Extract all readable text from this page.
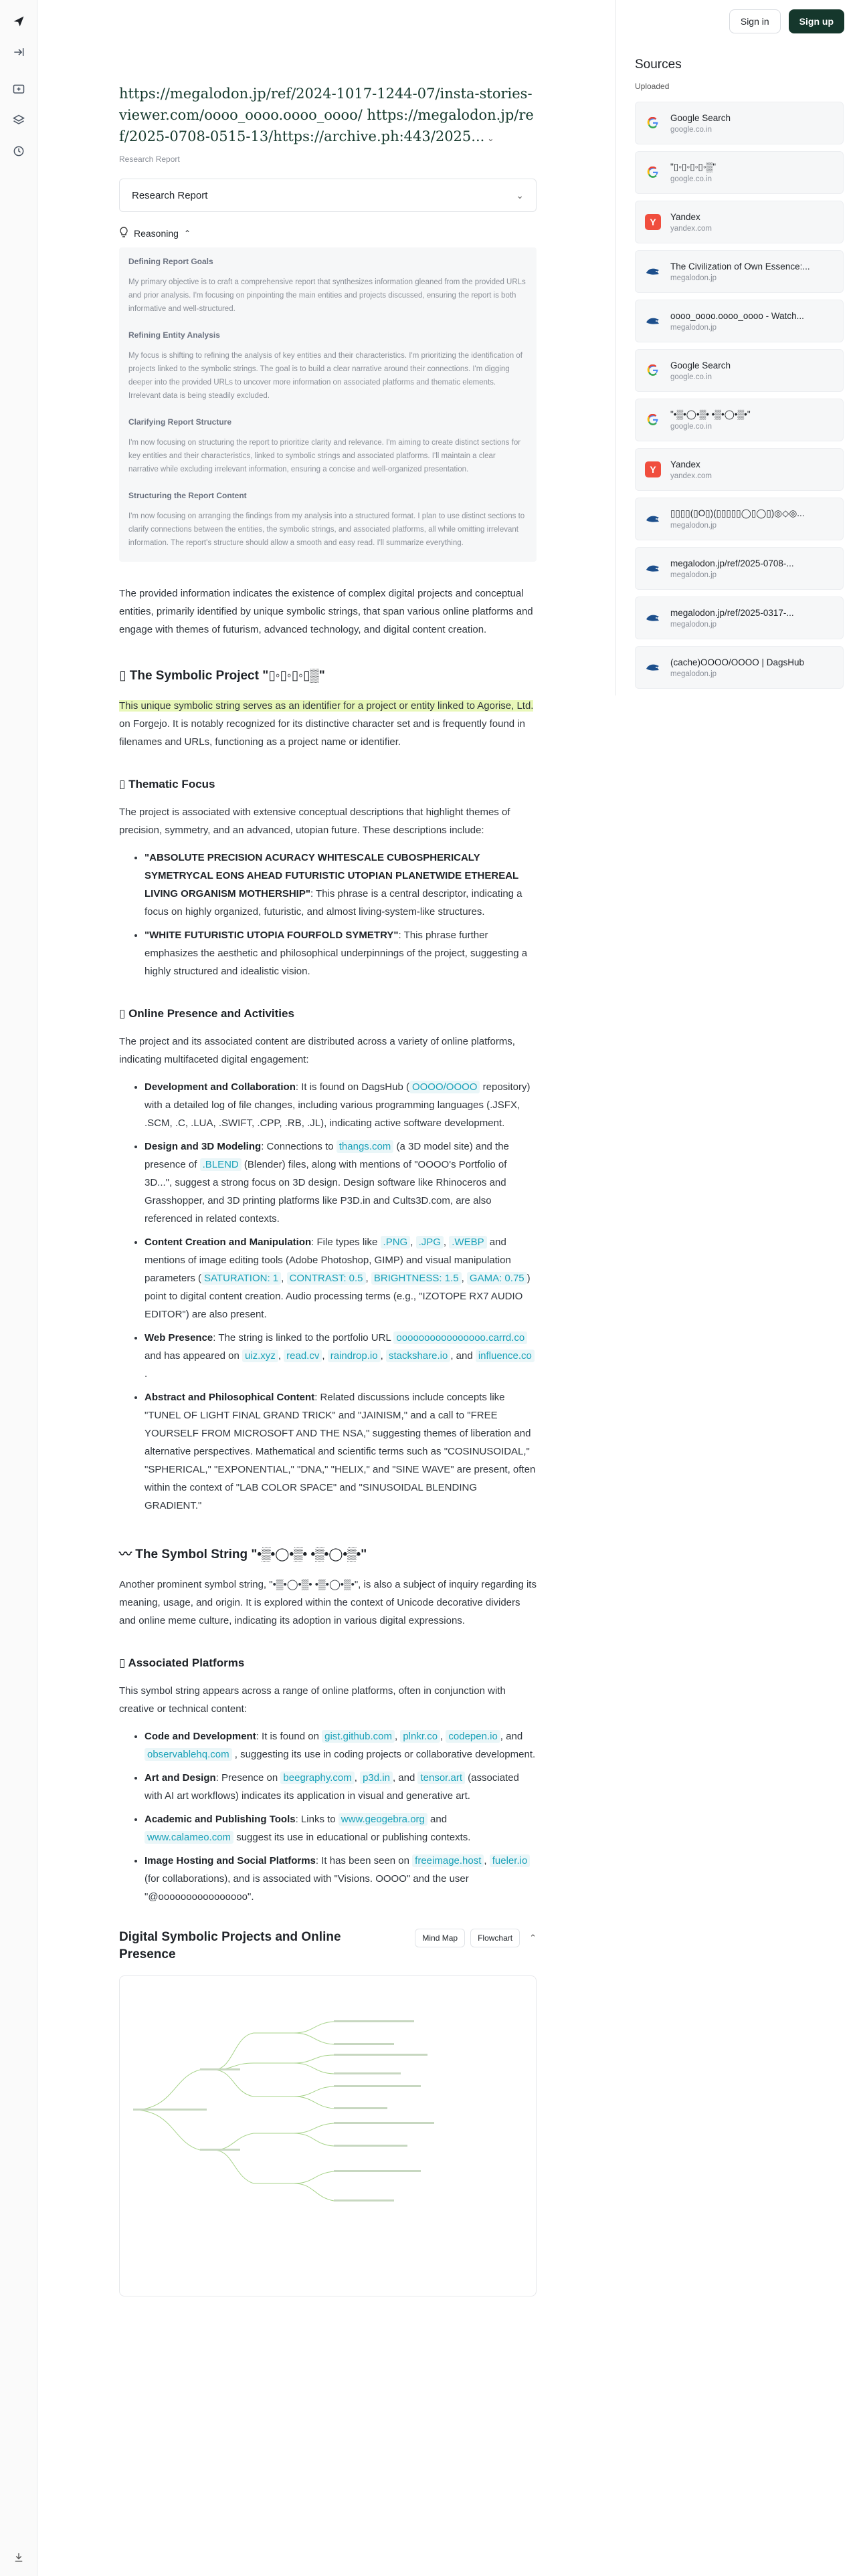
Sign in	Sign up
https://megalodon.jp/ref/2024-1017-1244-07/insta-stories-viewer.com/oooo_oooo.oooo_oooo/ https://megalodon.jp/ref/2025-0708-0515-13/https://archive.ph:443/2025... ⌄
Research Report
Research Report	⌄
Reasoning ⌃
Defining Report Goals

My primary objective is to craft a comprehensive report that synthesizes information gleaned from the provided URLs and prior analysis. I'm focusing on pinpointing the main entities and projects discussed, ensuring the report is both informative and well-structured.

Refining Entity Analysis

My focus is shifting to refining the analysis of key entities and their characteristics. I'm prioritizing the identification of projects linked to the symbolic strings. The goal is to build a clear narrative around their connections. I'm digging deeper into the provided URLs to uncover more information on associated platforms and thematic elements. Irrelevant data is being steadily excluded.

Clarifying Report Structure

I'm now focusing on structuring the report to prioritize clarity and relevance. I'm aiming to create distinct sections for key entities and their characteristics, linked to symbolic strings and associated platforms. I'll maintain a clear narrative while excluding irrelevant information, ensuring a concise and well-organized presentation.

Structuring the Report Content

I'm now focusing on arranging the findings from my analysis into a structured format. I plan to use distinct sections to clarify connections between the entities, the symbolic strings, and associated platforms, all while omitting irrelevant information. The report's structure should allow a smooth and easy read. I'll summarize everything.

The provided information indicates the existence of complex digital projects and conceptual entities, primarily identified by unique symbolic strings, that span various online platforms and engage with themes of futurism, advanced technology, and digital content creation.

▯ The Symbolic Project "▯◦▯◦▯◦▯▒"

This unique symbolic string serves as an identifier for a project or entity linked to Agorise, Ltd.
on Forgejo. It is notably recognized for its distinctive character set and is frequently found in filenames and URLs, functioning as a project name or identifier.

▯ Thematic Focus

The project is associated with extensive conceptual descriptions that highlight themes of precision, symmetry, and an advanced, utopian future. These descriptions include:

• "ABSOLUTE PRECISION ACURACY WHITESCALE CUBOSPHERICALY SYMETRYCAL EONS AHEAD FUTURISTIC UTOPIAN PLANETWIDE ETHEREAL LIVING ORGANISM MOTHERSHIP": This phrase is a central descriptor, indicating a focus on highly organized, futuristic, and almost living-system-like structures.
• "WHITE FUTURISTIC UTOPIA FOURFOLD SYMETRY": This phrase further emphasizes the aesthetic and philosophical underpinnings of the project, suggesting a highly structured and idealistic vision.
▯ Online Presence and Activities

The project and its associated content are distributed across a variety of online platforms, indicating multifaceted digital engagement:

• Development and Collaboration: It is found on DagsHub ( OOOO/OOOO repository) with a detailed log of file changes, including various programming languages (.JSFX, .SCM, .C, .LUA, .SWIFT, .CPP, .RB, .JL), indicating active software development.
• Design and 3D Modeling: Connections to thangs.com (a 3D model site) and the presence of .BLEND (Blender) files, along with mentions of "OOOO's Portfolio of 3D...", suggest a strong focus on 3D design. Design software like Rhinoceros and Grasshopper, and 3D printing platforms like P3D.in and Cults3D.com, are also referenced in related contexts.
• Content Creation and Manipulation: File types like .PNG , .JPG , .WEBP and mentions of image editing tools (Adobe Photoshop, GIMP) and visual manipulation parameters ( SATURATION: 1 , CONTRAST: 0.5 , BRIGHTNESS: 1.5 , GAMA: 0.75 ) point to digital content creation. Audio processing terms (e.g., "IZOTOPE RX7 AUDIO EDITOR") are also present.
• Web Presence: The string is linked to the portfolio URL oooooooooooooooo.carrd.co and has appeared on uiz.xyz , read.cv , raindrop.io , stackshare.io , and influence.co .
• Abstract and Philosophical Content: Related discussions include concepts like "TUNEL OF LIGHT FINAL GRAND TRICK" and "JAINISM," and a call to "FREE YOURSELF FROM MICROSOFT AND THE NSA," suggesting themes of liberation and alternative perspectives. Mathematical and scientific terms such as "COSINUSOIDAL," "SPHERICAL," "EXPONENTIAL," "DNA," "HELIX," and "SINE WAVE" are present, often within the context of "LAB COLOR SPACE" and "SINUSOIDAL BLENDING GRADIENT."
〰 The Symbol String "•▒•◯•▒• •▒•◯•▒•"

Another prominent symbol string, "•▒•◯•▒• •▒•◯•▒•", is also a subject of inquiry regarding its meaning, usage, and origin. It is explored within the context of Unicode decorative dividers and online meme culture, indicating its adoption in various digital expressions.

▯ Associated Platforms

This symbol string appears across a range of online platforms, often in conjunction with creative or technical content:

• Code and Development: It is found on gist.github.com , plnkr.co , codepen.io , and observablehq.com , suggesting its use in coding projects or collaborative development.
• Art and Design: Presence on beegraphy.com , p3d.in , and tensor.art (associated with AI art workflows) indicates its application in visual and generative art.
• Academic and Publishing Tools: Links to www.geogebra.org and www.calameo.com suggest its use in educational or publishing contexts.
• Image Hosting and Social Platforms: It has been seen on freeimage.host , fueler.io (for collaborations), and is associated with "Visions. OOOO" and the user "@oooooooooooooooo".
Digital Symbolic Projects and Online Presence
Mind Map	Flowchart	⌃
Sources
Uploaded
Google Search
google.co.in
"▯◦▯◦▯◦▯◦▒"
google.co.in
Y	Yandex
yandex.com
The Civilization of Own Essence:...
megalodon.jp
oooo_oooo.oooo_oooo - Watch...
megalodon.jp
Google Search
google.co.in
"•▒•◯•▒• •▒•◯•▒•"
google.co.in
Y	Yandex
yandex.com
▯▯▯▯(▯O▯)(▯▯▯▯▯◯▯◯▯)◎◇◎...
megalodon.jp
megalodon.jp/ref/2025-0708-...
megalodon.jp
megalodon.jp/ref/2025-0317-...
megalodon.jp
(cache)OOOO/OOOO | DagsHub
megalodon.jp
